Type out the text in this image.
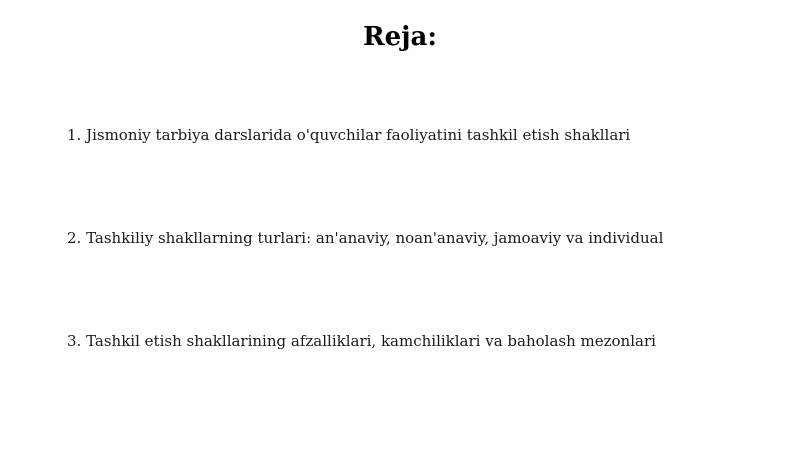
Reja:
1. Jismoniy tarbiya darslarida o'quvchilar faoliyatini tashkil etish shakllari
2. Tashkiliy shakllarning turlari: an'anaviy, noan'anaviy, jamoaviy va individual
3. Tashkil etish shakllarining afzalliklari, kamchiliklari va baholash mezonlari
